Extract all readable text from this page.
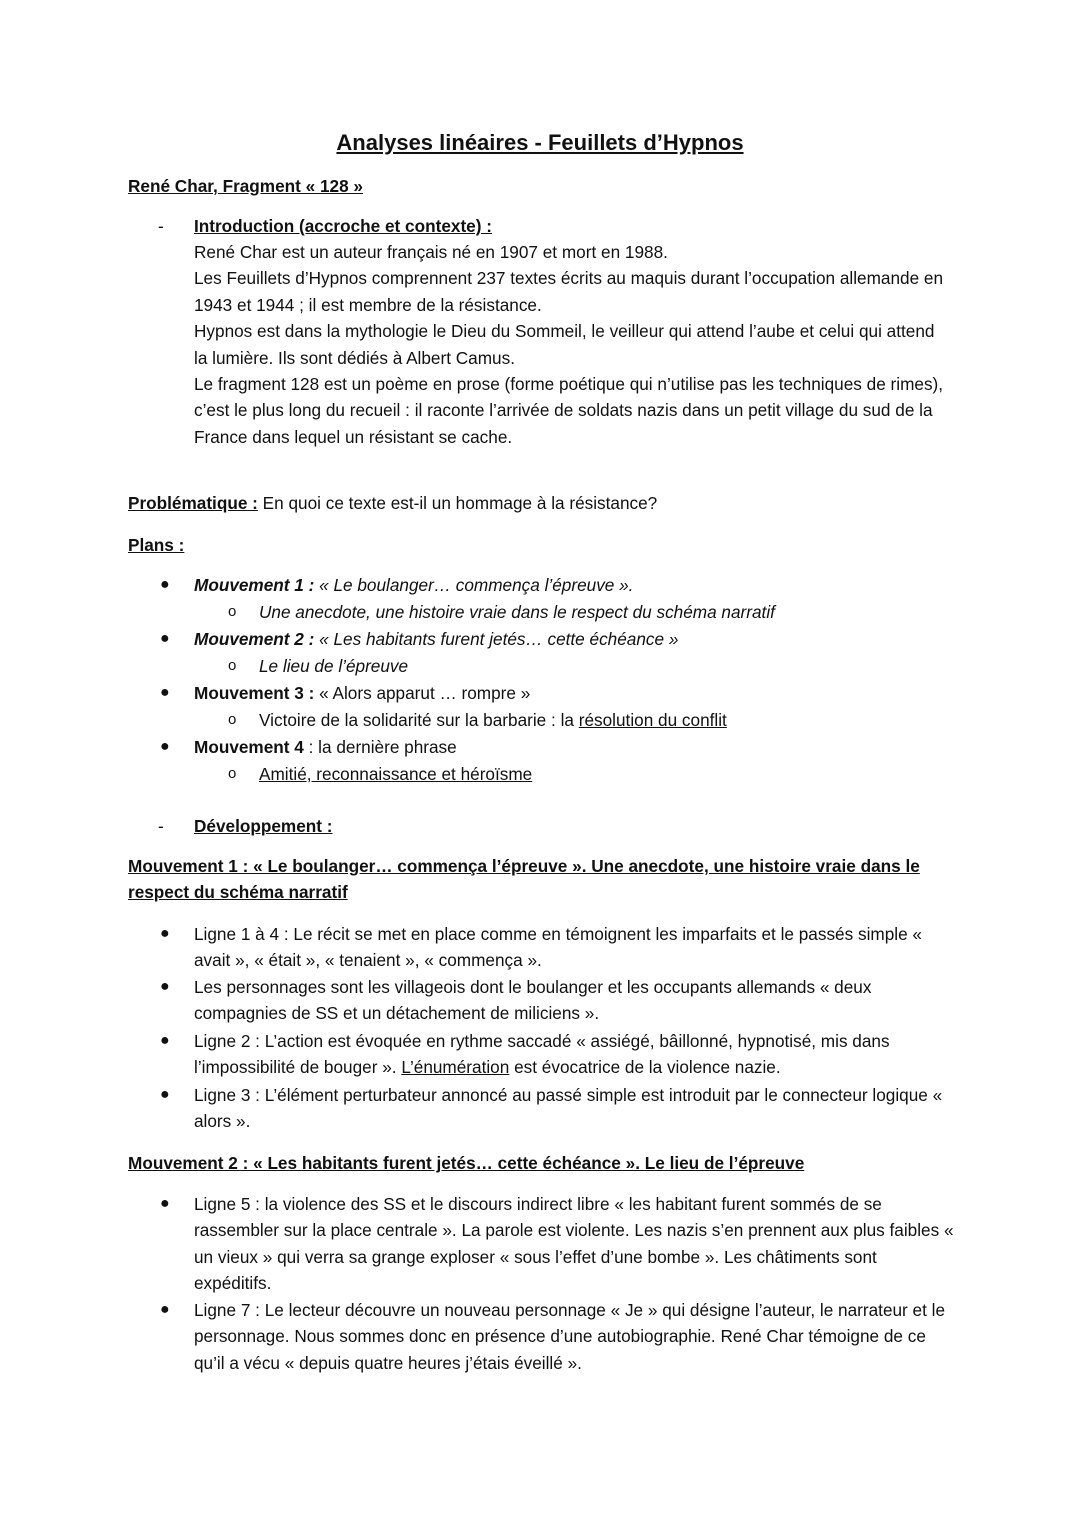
Analyses linéaires - Feuillets d’Hypnos
René Char, Fragment « 128 »
- Introduction (accroche et contexte) :

René Char est un auteur français né en 1907 et mort en 1988.

Les Feuillets d’Hypnos comprennent 237 textes écrits au maquis durant l’occupation allemande en 1943 et 1944 ; il est membre de la résistance.

Hypnos est dans la mythologie le Dieu du Sommeil, le veilleur qui attend l’aube et celui qui attend la lumière. Ils sont dédiés à Albert Camus.

Le fragment 128 est un poème en prose (forme poétique qui n’utilise pas les techniques de rimes), c’est le plus long du recueil : il raconte l’arrivée de soldats nazis dans un petit village du sud de la France dans lequel un résistant se cache.

Problématique : En quoi ce texte est-il un hommage à la résistance?
Plans :
● Mouvement 1 : « Le boulanger… commença l’épreuve ».
o Une anecdote, une histoire vraie dans le respect du schéma narratif
● Mouvement 2 : « Les habitants furent jetés… cette échéance »
o Le lieu de l’épreuve
● Mouvement 3 : « Alors apparut … rompre »
o Victoire de la solidarité sur la barbarie : la résolution du conflit
● Mouvement 4 : la dernière phrase
o Amitié, reconnaissance et héroïsme
- Développement :
Mouvement 1 : « Le boulanger… commença l’épreuve ». Une anecdote, une histoire vraie dans le respect du schéma narratif
● Ligne 1 à 4 : Le récit se met en place comme en témoignent les imparfaits et le passés simple « avait », « était », « tenaient », « commença ».
● Les personnages sont les villageois dont le boulanger et les occupants allemands « deux compagnies de SS et un détachement de miliciens ».
● Ligne 2 : L’action est évoquée en rythme saccadé « assiégé, bâillonné, hypnotisé, mis dans l’impossibilité de bouger ». L’énumération est évocatrice de la violence nazie.
● Ligne 3 : L’élément perturbateur annoncé au passé simple est introduit par le connecteur logique « alors ».
Mouvement 2 : « Les habitants furent jetés… cette échéance ». Le lieu de l’épreuve
● Ligne 5 : la violence des SS et le discours indirect libre « les habitant furent sommés de se rassembler sur la place centrale ». La parole est violente. Les nazis s’en prennent aux plus faibles « un vieux » qui verra sa grange exploser « sous l’effet d’une bombe ». Les châtiments sont expéditifs.
● Ligne 7 : Le lecteur découvre un nouveau personnage « Je » qui désigne l’auteur, le narrateur et le personnage. Nous sommes donc en présence d’une autobiographie. René Char témoigne de ce qu’il a vécu « depuis quatre heures j’étais éveillé ».
